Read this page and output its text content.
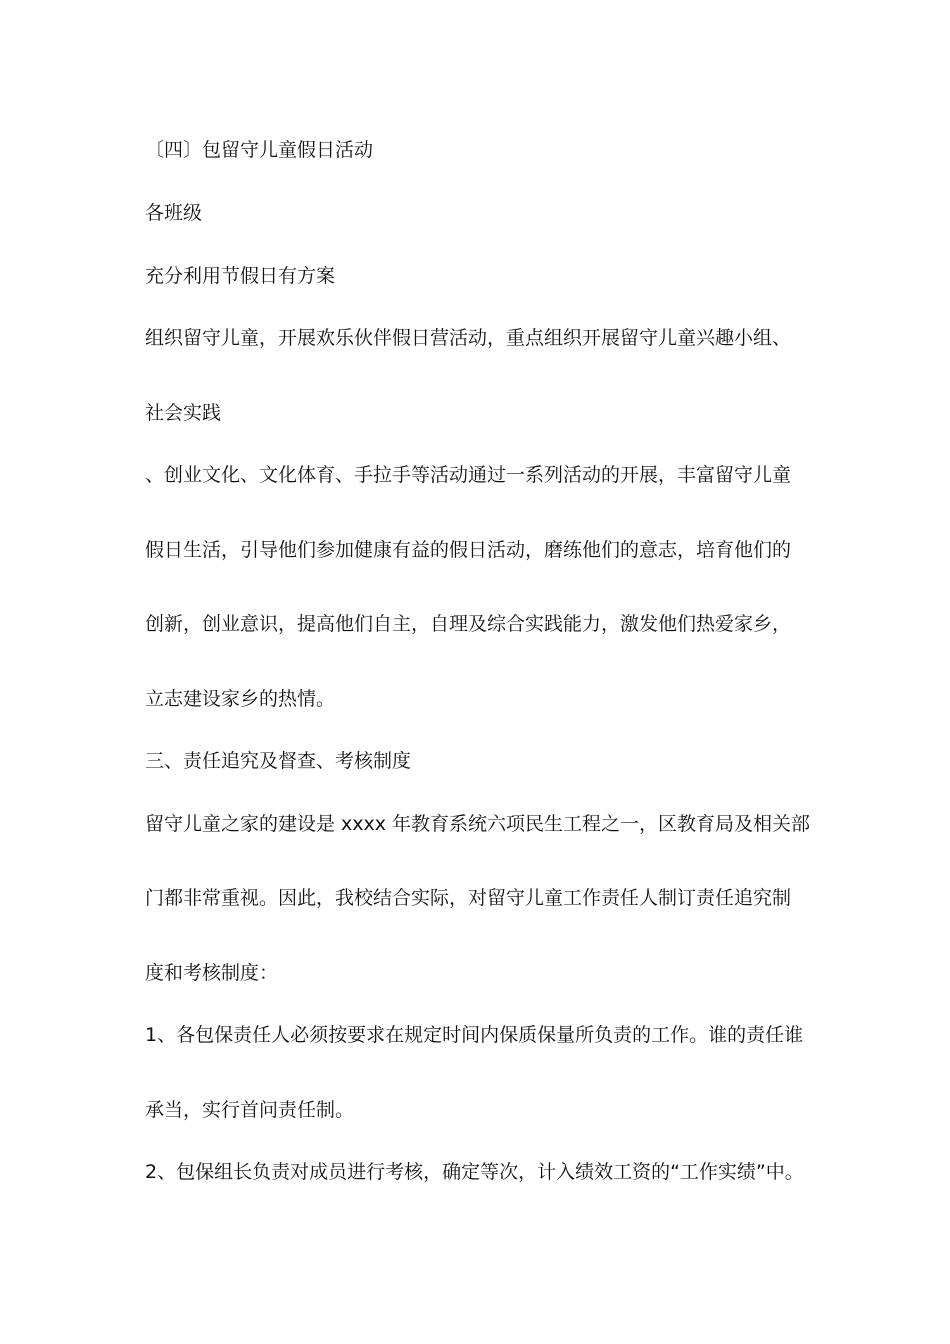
〔四〕包留守儿童假日活动
各班级
充分利用节假日有方案
组织留守儿童，开展欢乐伙伴假日营活动，重点组织开展留守儿童兴趣小组、
社会实践
、创业文化、文化体育、手拉手等活动通过一系列活动的开展，丰富留守儿童
假日生活，引导他们参加健康有益的假日活动，磨练他们的意志，培育他们的
创新，创业意识，提高他们自主，自理及综合实践能力，激发他们热爱家乡，
立志建设家乡的热情。
三、责任追究及督查、考核制度
留守儿童之家的建设是 xxxx 年教育系统六项民生工程之一，区教育局及相关部
门都非常重视。因此，我校结合实际，对留守儿童工作责任人制订责任追究制
度和考核制度：
1、各包保责任人必须按要求在规定时间内保质保量所负责的工作。谁的责任谁
承当，实行首问责任制。
2、包保组长负责对成员进行考核，确定等次，计入绩效工资的“工作实绩”中。
